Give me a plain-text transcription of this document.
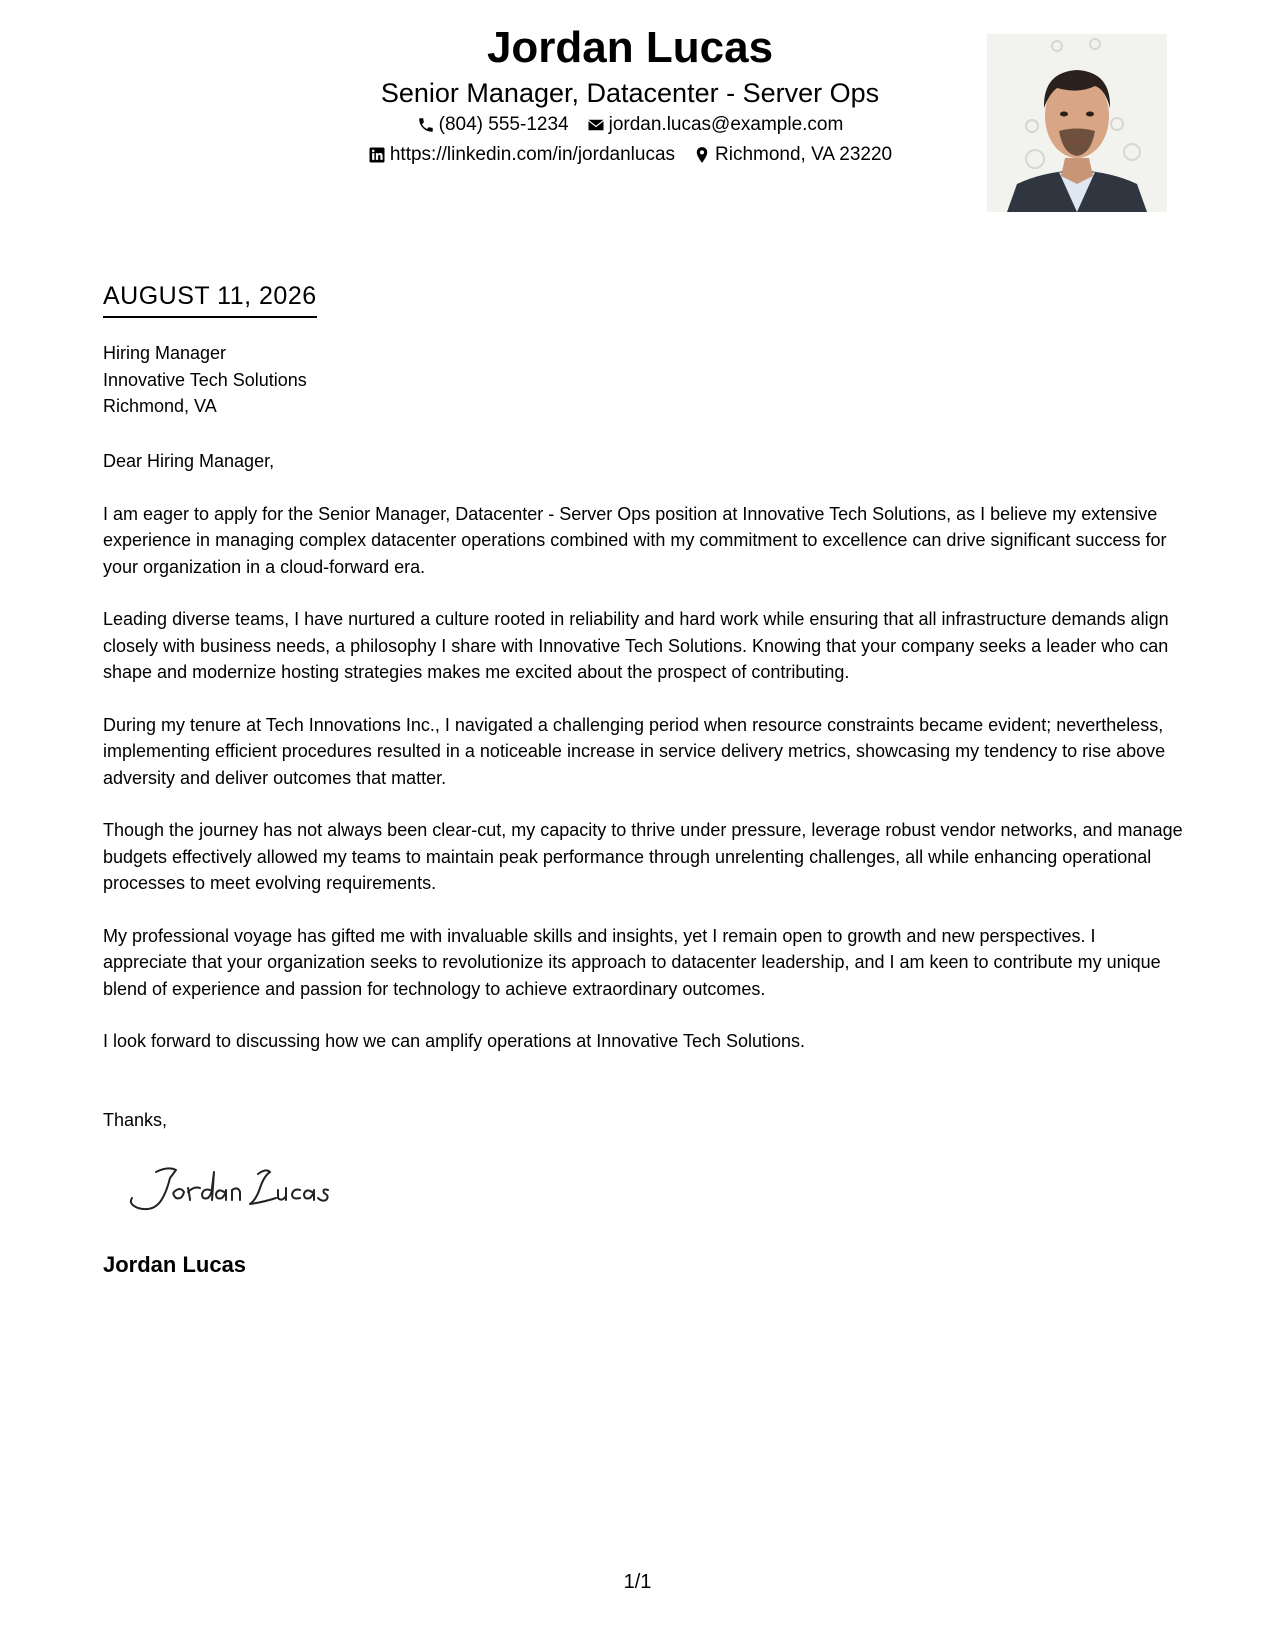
Jordan Lucas
Senior Manager, Datacenter - Server Ops
(804) 555-1234 jordan.lucas@example.com
https://linkedin.com/in/jordanlucas Richmond, VA 23220
AUGUST 11, 2026
Hiring Manager
Innovative Tech Solutions
Richmond, VA

Dear Hiring Manager,

I am eager to apply for the Senior Manager, Datacenter - Server Ops position at Innovative Tech Solutions, as I believe my extensive experience in managing complex datacenter operations combined with my commitment to excellence can drive significant success for your organization in a cloud-forward era.

Leading diverse teams, I have nurtured a culture rooted in reliability and hard work while ensuring that all infrastructure demands align closely with business needs, a philosophy I share with Innovative Tech Solutions. Knowing that your company seeks a leader who can shape and modernize hosting strategies makes me excited about the prospect of contributing.

During my tenure at Tech Innovations Inc., I navigated a challenging period when resource constraints became evident; nevertheless, implementing efficient procedures resulted in a noticeable increase in service delivery metrics, showcasing my tendency to rise above adversity and deliver outcomes that matter.

Though the journey has not always been clear-cut, my capacity to thrive under pressure, leverage robust vendor networks, and manage budgets effectively allowed my teams to maintain peak performance through unrelenting challenges, all while enhancing operational processes to meet evolving requirements.

My professional voyage has gifted me with invaluable skills and insights, yet I remain open to growth and new perspectives. I appreciate that your organization seeks to revolutionize its approach to datacenter leadership, and I am keen to contribute my unique blend of experience and passion for technology to achieve extraordinary outcomes.

I look forward to discussing how we can amplify operations at Innovative Tech Solutions.

Thanks,
Jordan Lucas
1/1
